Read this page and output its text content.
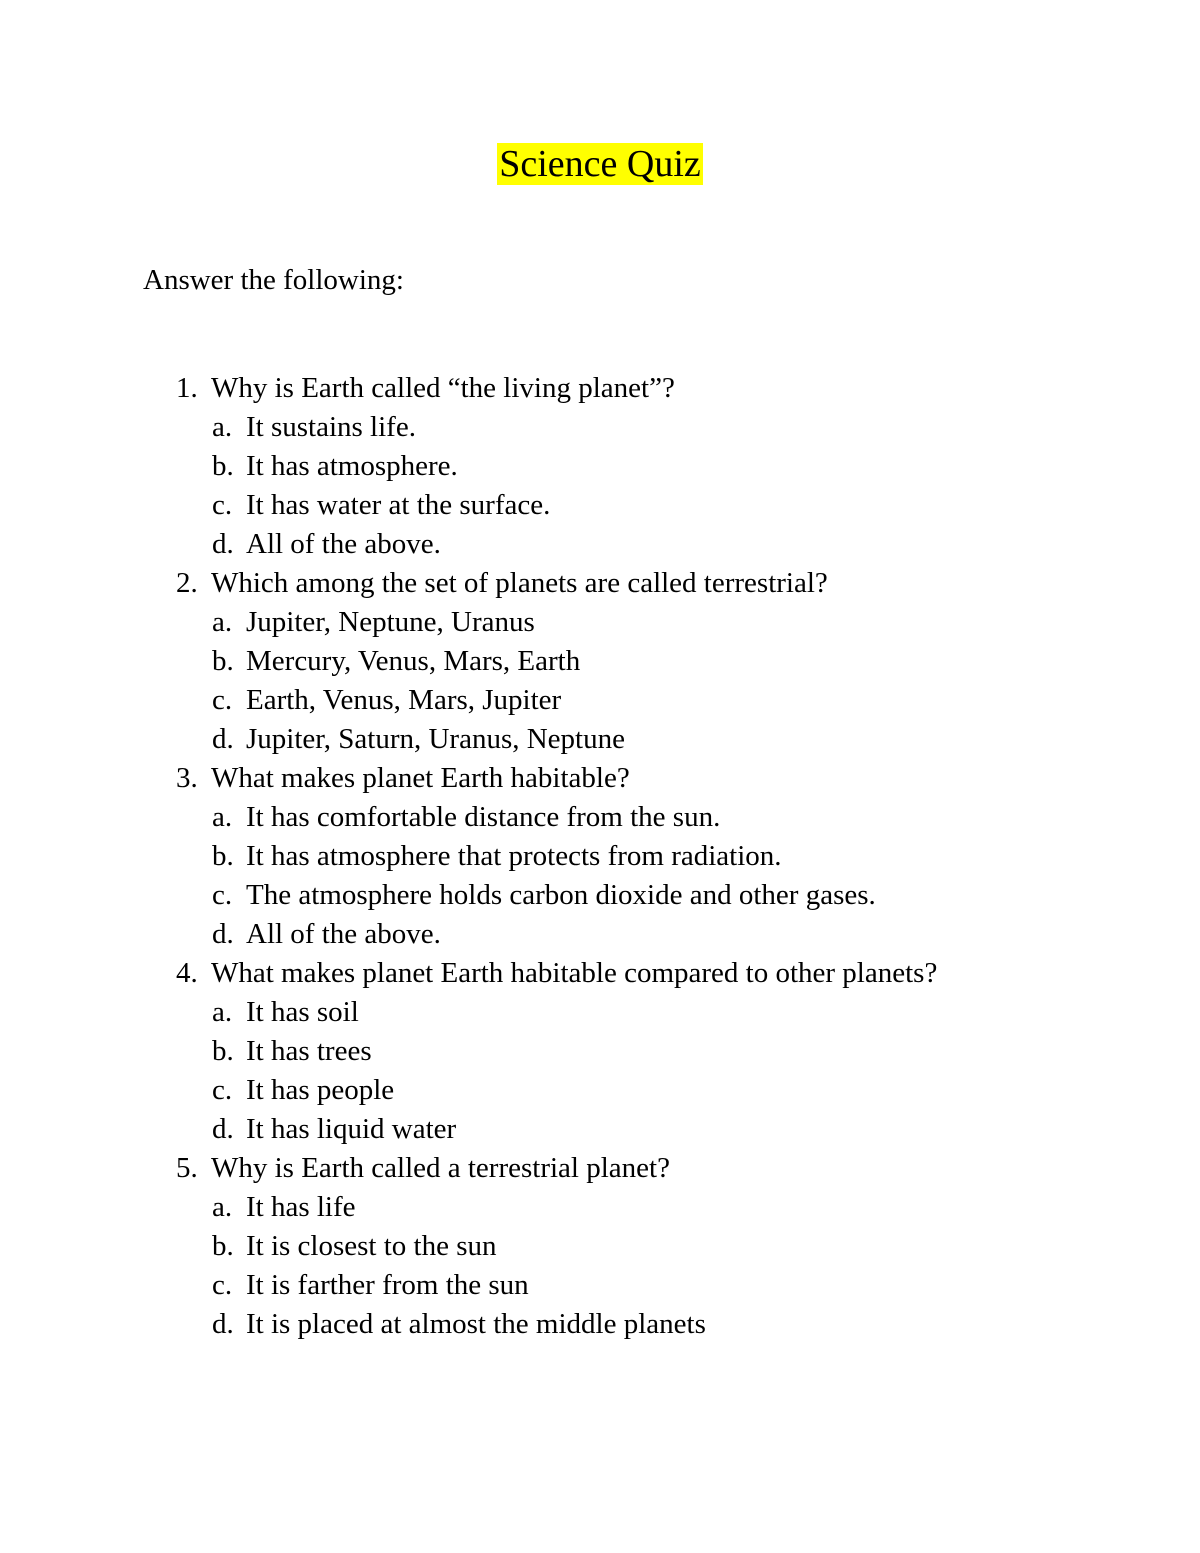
Science Quiz
Answer the following:
1. Why is Earth called “the living planet”?
a. It sustains life.
b. It has atmosphere.
c. It has water at the surface.
d. All of the above.
2. Which among the set of planets are called terrestrial?
a. Jupiter, Neptune, Uranus
b. Mercury, Venus, Mars, Earth
c. Earth, Venus, Mars, Jupiter
d. Jupiter, Saturn, Uranus, Neptune
3. What makes planet Earth habitable?
a. It has comfortable distance from the sun.
b. It has atmosphere that protects from radiation.
c. The atmosphere holds carbon dioxide and other gases.
d. All of the above.
4. What makes planet Earth habitable compared to other planets?
a. It has soil
b. It has trees
c. It has people
d. It has liquid water
5. Why is Earth called a terrestrial planet?
a. It has life
b. It is closest to the sun
c. It is farther from the sun
d. It is placed at almost the middle planets
